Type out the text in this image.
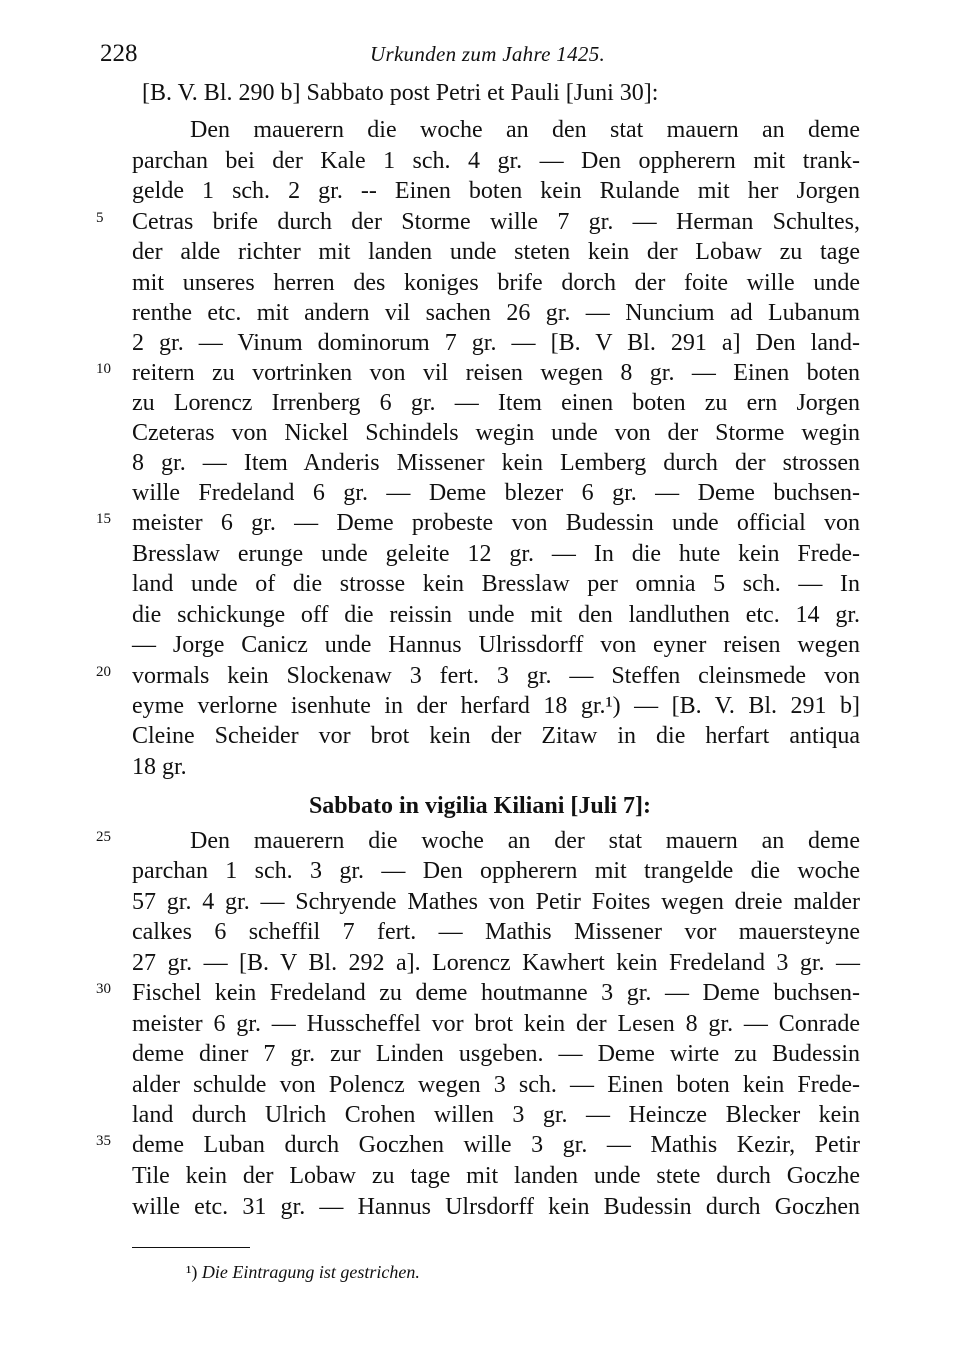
228	Urkunden zum Jahre 1425.
[B. V. Bl. 290 b] Sabbato post Petri et Pauli [Juni 30]:
Den mauerern die woche an den stat mauern an deme
parchan bei der Kale 1 sch. 4 gr. — Den oppherern mit trank-
gelde 1 sch. 2 gr. -- Einen boten kein Rulande mit her Jorgen
Cetras brife durch der Storme wille 7 gr. — Herman Schultes,
5
der alde richter mit landen unde steten kein der Lobaw zu tage
mit unseres herren des koniges brife dorch der foite wille unde
renthe etc. mit andern vil sachen 26 gr. — Nuncium ad Lubanum
2 gr. — Vinum dominorum 7 gr. — [B. V Bl. 291 a] Den land-
reitern zu vortrinken von vil reisen wegen 8 gr. — Einen boten
10
zu Lorencz Irrenberg 6 gr. — Item einen boten zu ern Jorgen
Czeteras von Nickel Schindels wegin unde von der Storme wegin
8 gr. — Item Anderis Missener kein Lemberg durch der strossen
wille Fredeland 6 gr. — Deme blezer 6 gr. — Deme buchsen-
meister 6 gr. — Deme probeste von Budessin unde official von
15
Bresslaw erunge unde geleite 12 gr. — In die hute kein Frede-
land unde of die strosse kein Bresslaw per omnia 5 sch. — In
die schickunge off die reissin unde mit den landluthen etc. 14 gr.
— Jorge Canicz unde Hannus Ulrissdorff von eyner reisen wegen
vormals kein Slockenaw 3 fert. 3 gr. — Steffen cleinsmede von
20
eyme verlorne isenhute in der herfard 18 gr.¹) — [B. V. Bl. 291 b]
Cleine Scheider vor brot kein der Zitaw in die herfart antiqua
18 gr.
Sabbato in vigilia Kiliani [Juli 7]:
Den mauerern die woche an der stat mauern an deme
25
parchan 1 sch. 3 gr. — Den oppherern mit trangelde die woche
57 gr. 4 gr. — Schryende Mathes von Petir Foites wegen dreie malder
calkes 6 scheffil 7 fert. — Mathis Missener vor mauersteyne
27 gr. — [B. V Bl. 292 a]. Lorencz Kawhert kein Fredeland 3 gr. —
Fischel kein Fredeland zu deme houtmanne 3 gr. — Deme buchsen-
30
meister 6 gr. — Husscheffel vor brot kein der Lesen 8 gr. — Conrade
deme diner 7 gr. zur Linden usgeben. — Deme wirte zu Budessin
alder schulde von Polencz wegen 3 sch. — Einen boten kein Frede-
land durch Ulrich Crohen willen 3 gr. — Heincze Blecker kein
deme Luban durch Goczhen wille 3 gr. — Mathis Kezir, Petir
35
Tile kein der Lobaw zu tage mit landen unde stete durch Goczhe
wille etc. 31 gr. — Hannus Ulrsdorff kein Budessin durch Goczhen
¹) Die Eintragung ist gestrichen.
